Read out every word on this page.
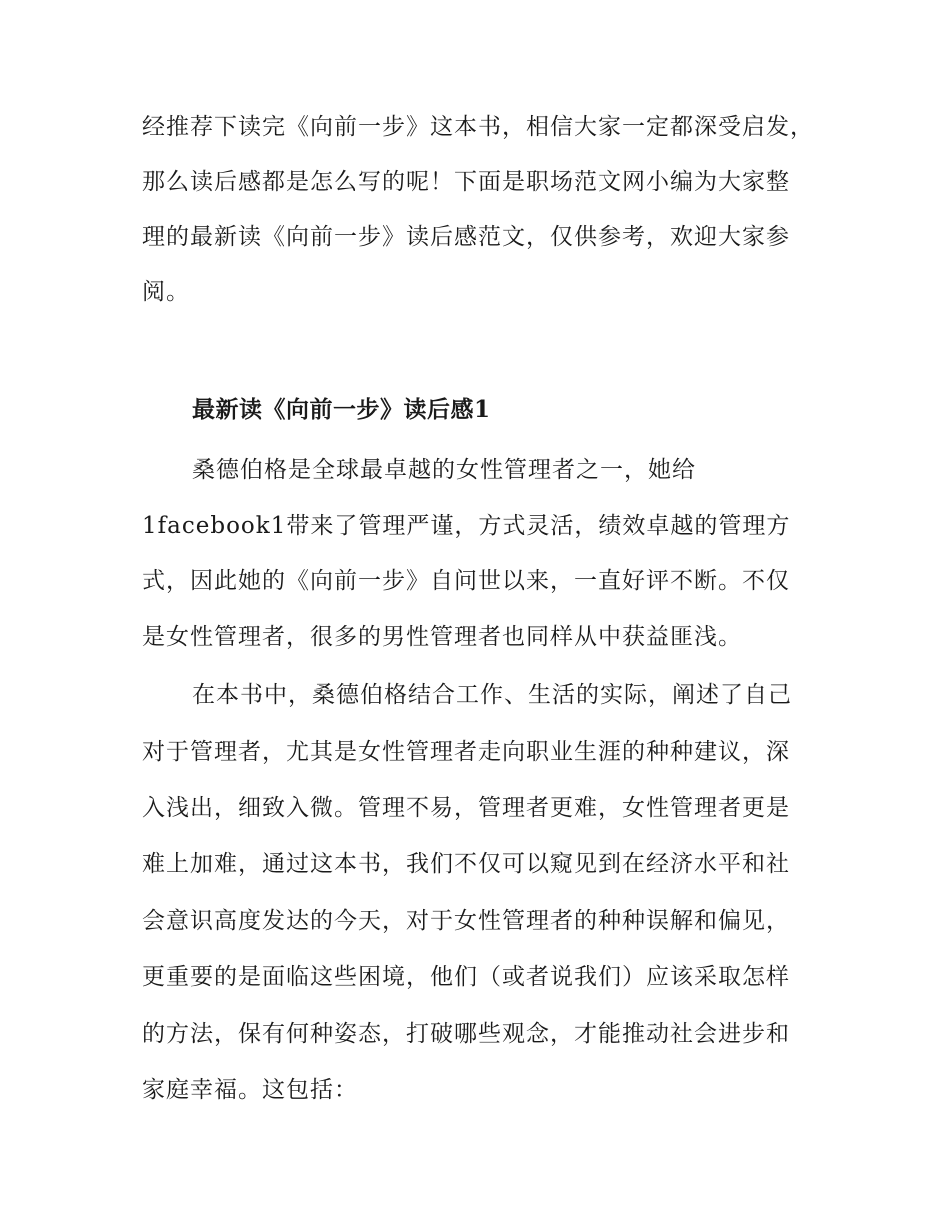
经推荐下读完《向前一步》这本书，相信大家一定都深受启发，
那么读后感都是怎么写的呢！下面是职场范文网小编为大家整
理的最新读《向前一步》读后感范文，仅供参考，欢迎大家参
阅。
最新读《向前一步》读后感1
桑德伯格是全球最卓越的女性管理者之一，她给
1facebook1带来了管理严谨，方式灵活，绩效卓越的管理方
式，因此她的《向前一步》自问世以来，一直好评不断。不仅
是女性管理者，很多的男性管理者也同样从中获益匪浅。
在本书中，桑德伯格结合工作、生活的实际，阐述了自己
对于管理者，尤其是女性管理者走向职业生涯的种种建议，深
入浅出，细致入微。管理不易，管理者更难，女性管理者更是
难上加难，通过这本书，我们不仅可以窥见到在经济水平和社
会意识高度发达的今天，对于女性管理者的种种误解和偏见，
更重要的是面临这些困境，他们（或者说我们）应该采取怎样
的方法，保有何种姿态，打破哪些观念，才能推动社会进步和
家庭幸福。这包括：
